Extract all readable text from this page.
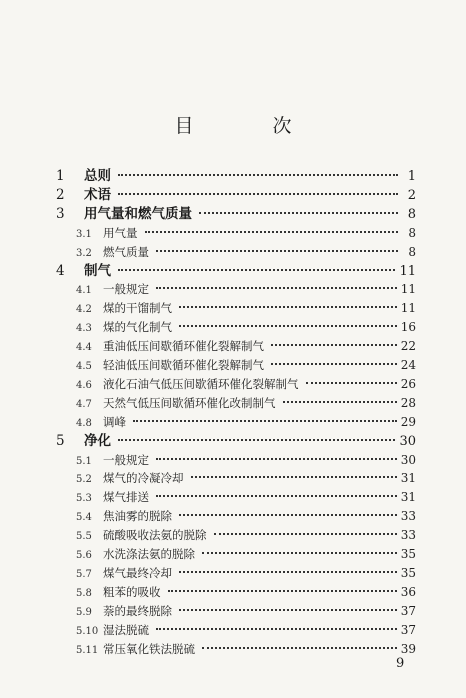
目　次
1	总则	1
2	术语	2
3	用气量和燃气质量	8
3.1 用气量	8
3.2 燃气质量	8
4	制气	11
4.1 一般规定	11
4.2 煤的干馏制气	11
4.3 煤的气化制气	16
4.4 重油低压间歇循环催化裂解制气	22
4.5 轻油低压间歇循环催化裂解制气	24
4.6 液化石油气低压间歇循环催化裂解制气	26
4.7 天然气低压间歇循环催化改制制气	28
4.8 调峰	29
5	净化	30
5.1 一般规定	30
5.2 煤气的冷凝冷却	31
5.3 煤气排送	31
5.4 焦油雾的脱除	33
5.5 硫酸吸收法氨的脱除	33
5.6 水洗涤法氨的脱除	35
5.7 煤气最终冷却	35
5.8 粗苯的吸收	36
5.9 萘的最终脱除	37
5.10 湿法脱硫	37
5.11 常压氧化铁法脱硫	39
9
